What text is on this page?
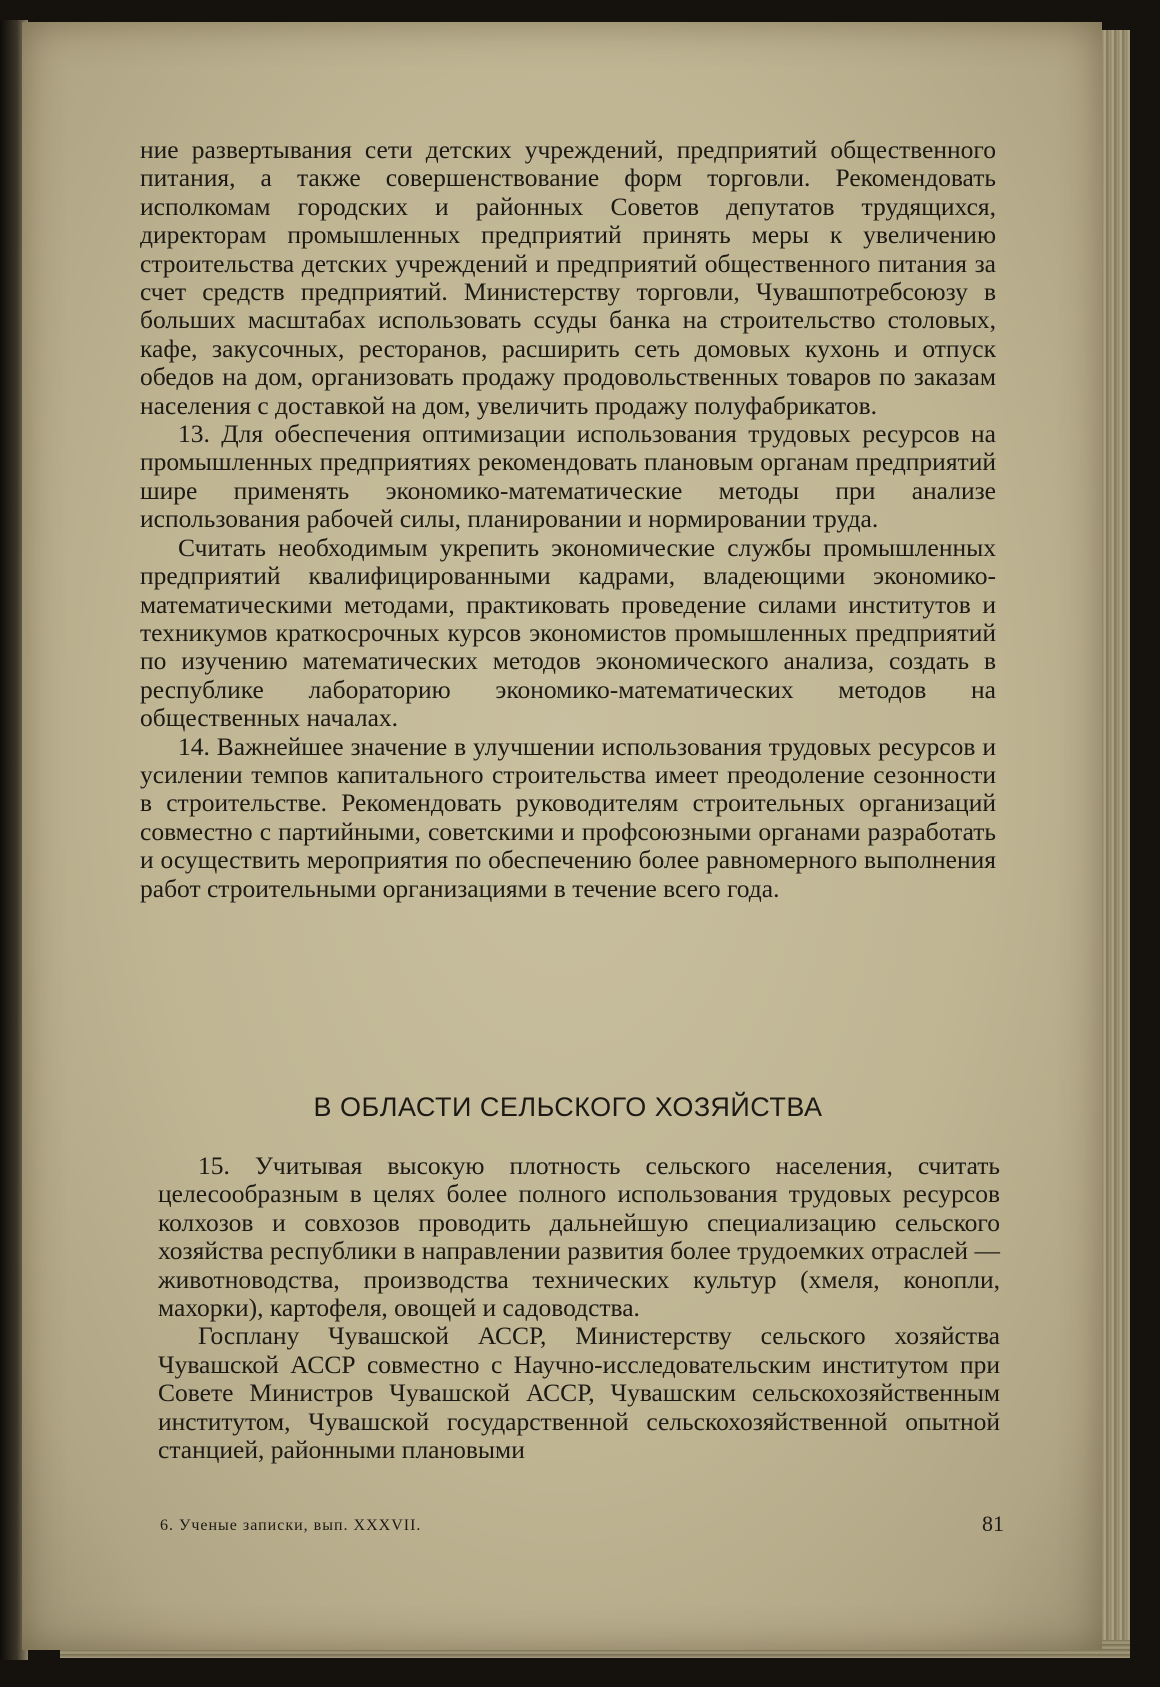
ние развертывания сети детских учреждений, предприятий общественного питания, а также совершенствование форм торговли. Рекомендовать исполкомам городских и районных Советов депутатов трудящихся, директорам промышленных предприятий принять меры к увеличению строительства детских учреждений и предприятий общественного питания за счет средств предприятий. Министерству торговли, Чувашпотребсоюзу в больших масштабах использовать ссуды банка на строительство столовых, кафе, закусочных, ресторанов, расширить сеть домовых кухонь и отпуск обедов на дом, организовать продажу продовольственных товаров по заказам населения с доставкой на дом, увеличить продажу полуфабрикатов.

13. Для обеспечения оптимизации использования трудовых ресурсов на промышленных предприятиях рекомендовать плановым органам предприятий шире применять экономико-математические методы при анализе использования рабочей силы, планировании и нормировании труда.

Считать необходимым укрепить экономические службы промышленных предприятий квалифицированными кадрами, владеющими экономико-математическими методами, практиковать проведение силами институтов и техникумов краткосрочных курсов экономистов промышленных предприятий по изучению математических методов экономического анализа, создать в республике лабораторию экономико-математических методов на общественных началах.

14. Важнейшее значение в улучшении использования трудовых ресурсов и усилении темпов капитального строительства имеет преодоление сезонности в строительстве. Рекомендовать руководителям строительных организаций совместно с партийными, советскими и профсоюзными органами разработать и осуществить мероприятия по обеспечению более равномерного выполнения работ строительными организациями в течение всего года.

В ОБЛАСТИ СЕЛЬСКОГО ХОЗЯЙСТВА

15. Учитывая высокую плотность сельского населения, считать целесообразным в целях более полного использования трудовых ресурсов колхозов и совхозов проводить дальнейшую специализацию сельского хозяйства республики в направлении развития более трудоемких отраслей — животноводства, производства технических культур (хмеля, конопли, махорки), картофеля, овощей и садоводства.

Госплану Чувашской АССР, Министерству сельского хозяйства Чувашской АССР совместно с Научно-исследовательским институтом при Совете Министров Чувашской АССР, Чувашским сельскохозяйственным институтом, Чувашской государственной сельскохозяйственной опытной станцией, районными плановыми

6. Ученые записки, вып. XXXVII.	81
